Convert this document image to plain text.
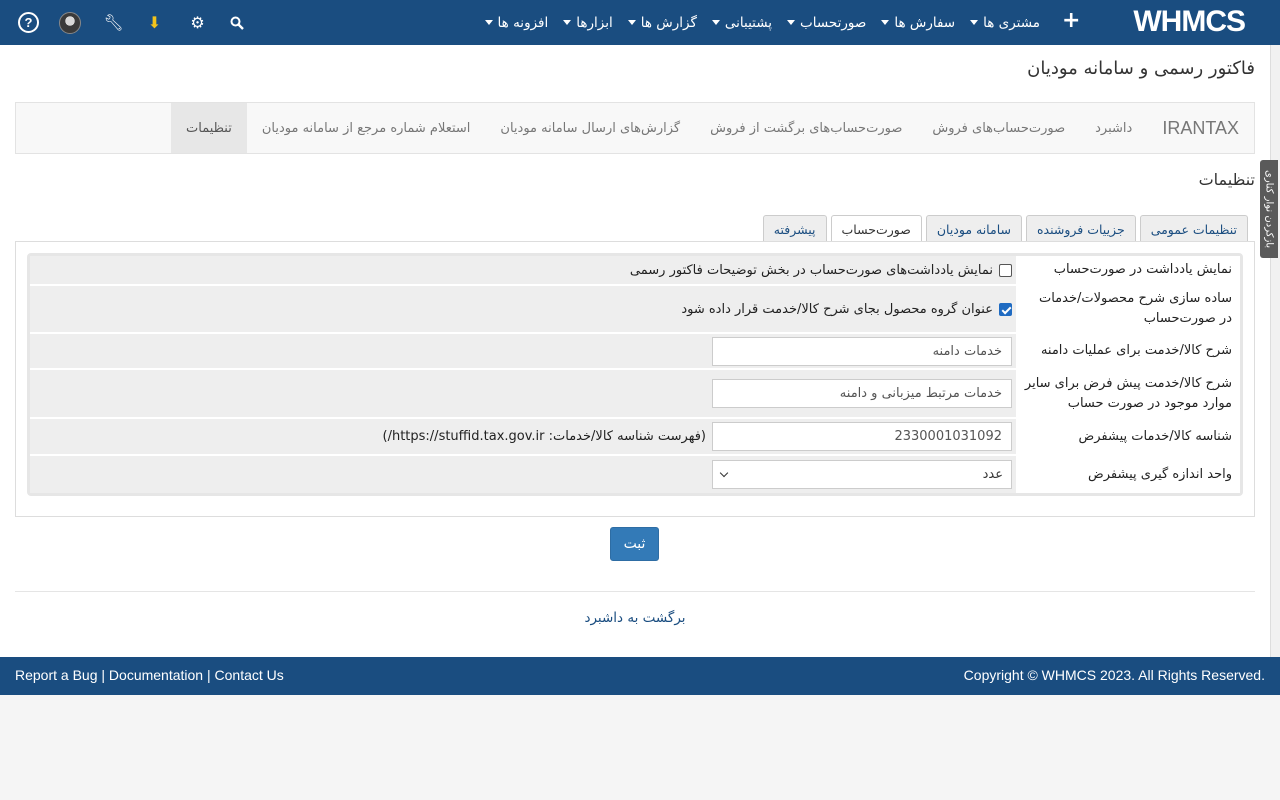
WHMCS
+
مشتری ها
سفارش ها
صورتحساب
پشتیبانی
گزارش ها
ابزارها
افزونه ها
?	🔧︎ ⬇ ⚙
فاکتور رسمی و سامانه مودیان
IRANTAX
داشبرد
صورت‌حساب‌های فروش
صورت‌حساب‌های برگشت از فروش
گزارش‌های ارسال سامانه مودیان
استعلام شماره مرجع از سامانه مودیان
تنظیمات
تنظیمات
تنظیمات عمومی
جزییات فروشنده
سامانه مودیان
صورت‌حساب
پیشرفته
نمایش یادداشت در صورت‌حساب
نمایش یادداشت‌های صورت‌حساب در بخش توضیحات فاکتور رسمی
ساده سازی شرح محصولات/خدمات در صورت‌حساب
عنوان گروه محصول بجای شرح کالا/خدمت قرار داده شود
شرح کالا/خدمت برای عملیات دامنه
خدمات دامنه
شرح کالا/خدمت پیش فرض برای سایر موارد موجود در صورت حساب
خدمات مرتبط میزبانی و دامنه
شناسه کالا/خدمات پیشفرض
2330001031092
(فهرست شناسه کالا/خدمات: https://stuffid.tax.gov.ir/)
واحد اندازه گیری پیشفرض
عدد
ثبت
برگشت به داشبرد
بازکردن نوار کناری
Report a Bug | Documentation | Contact Us	Copyright © WHMCS 2023. All Rights Reserved.
